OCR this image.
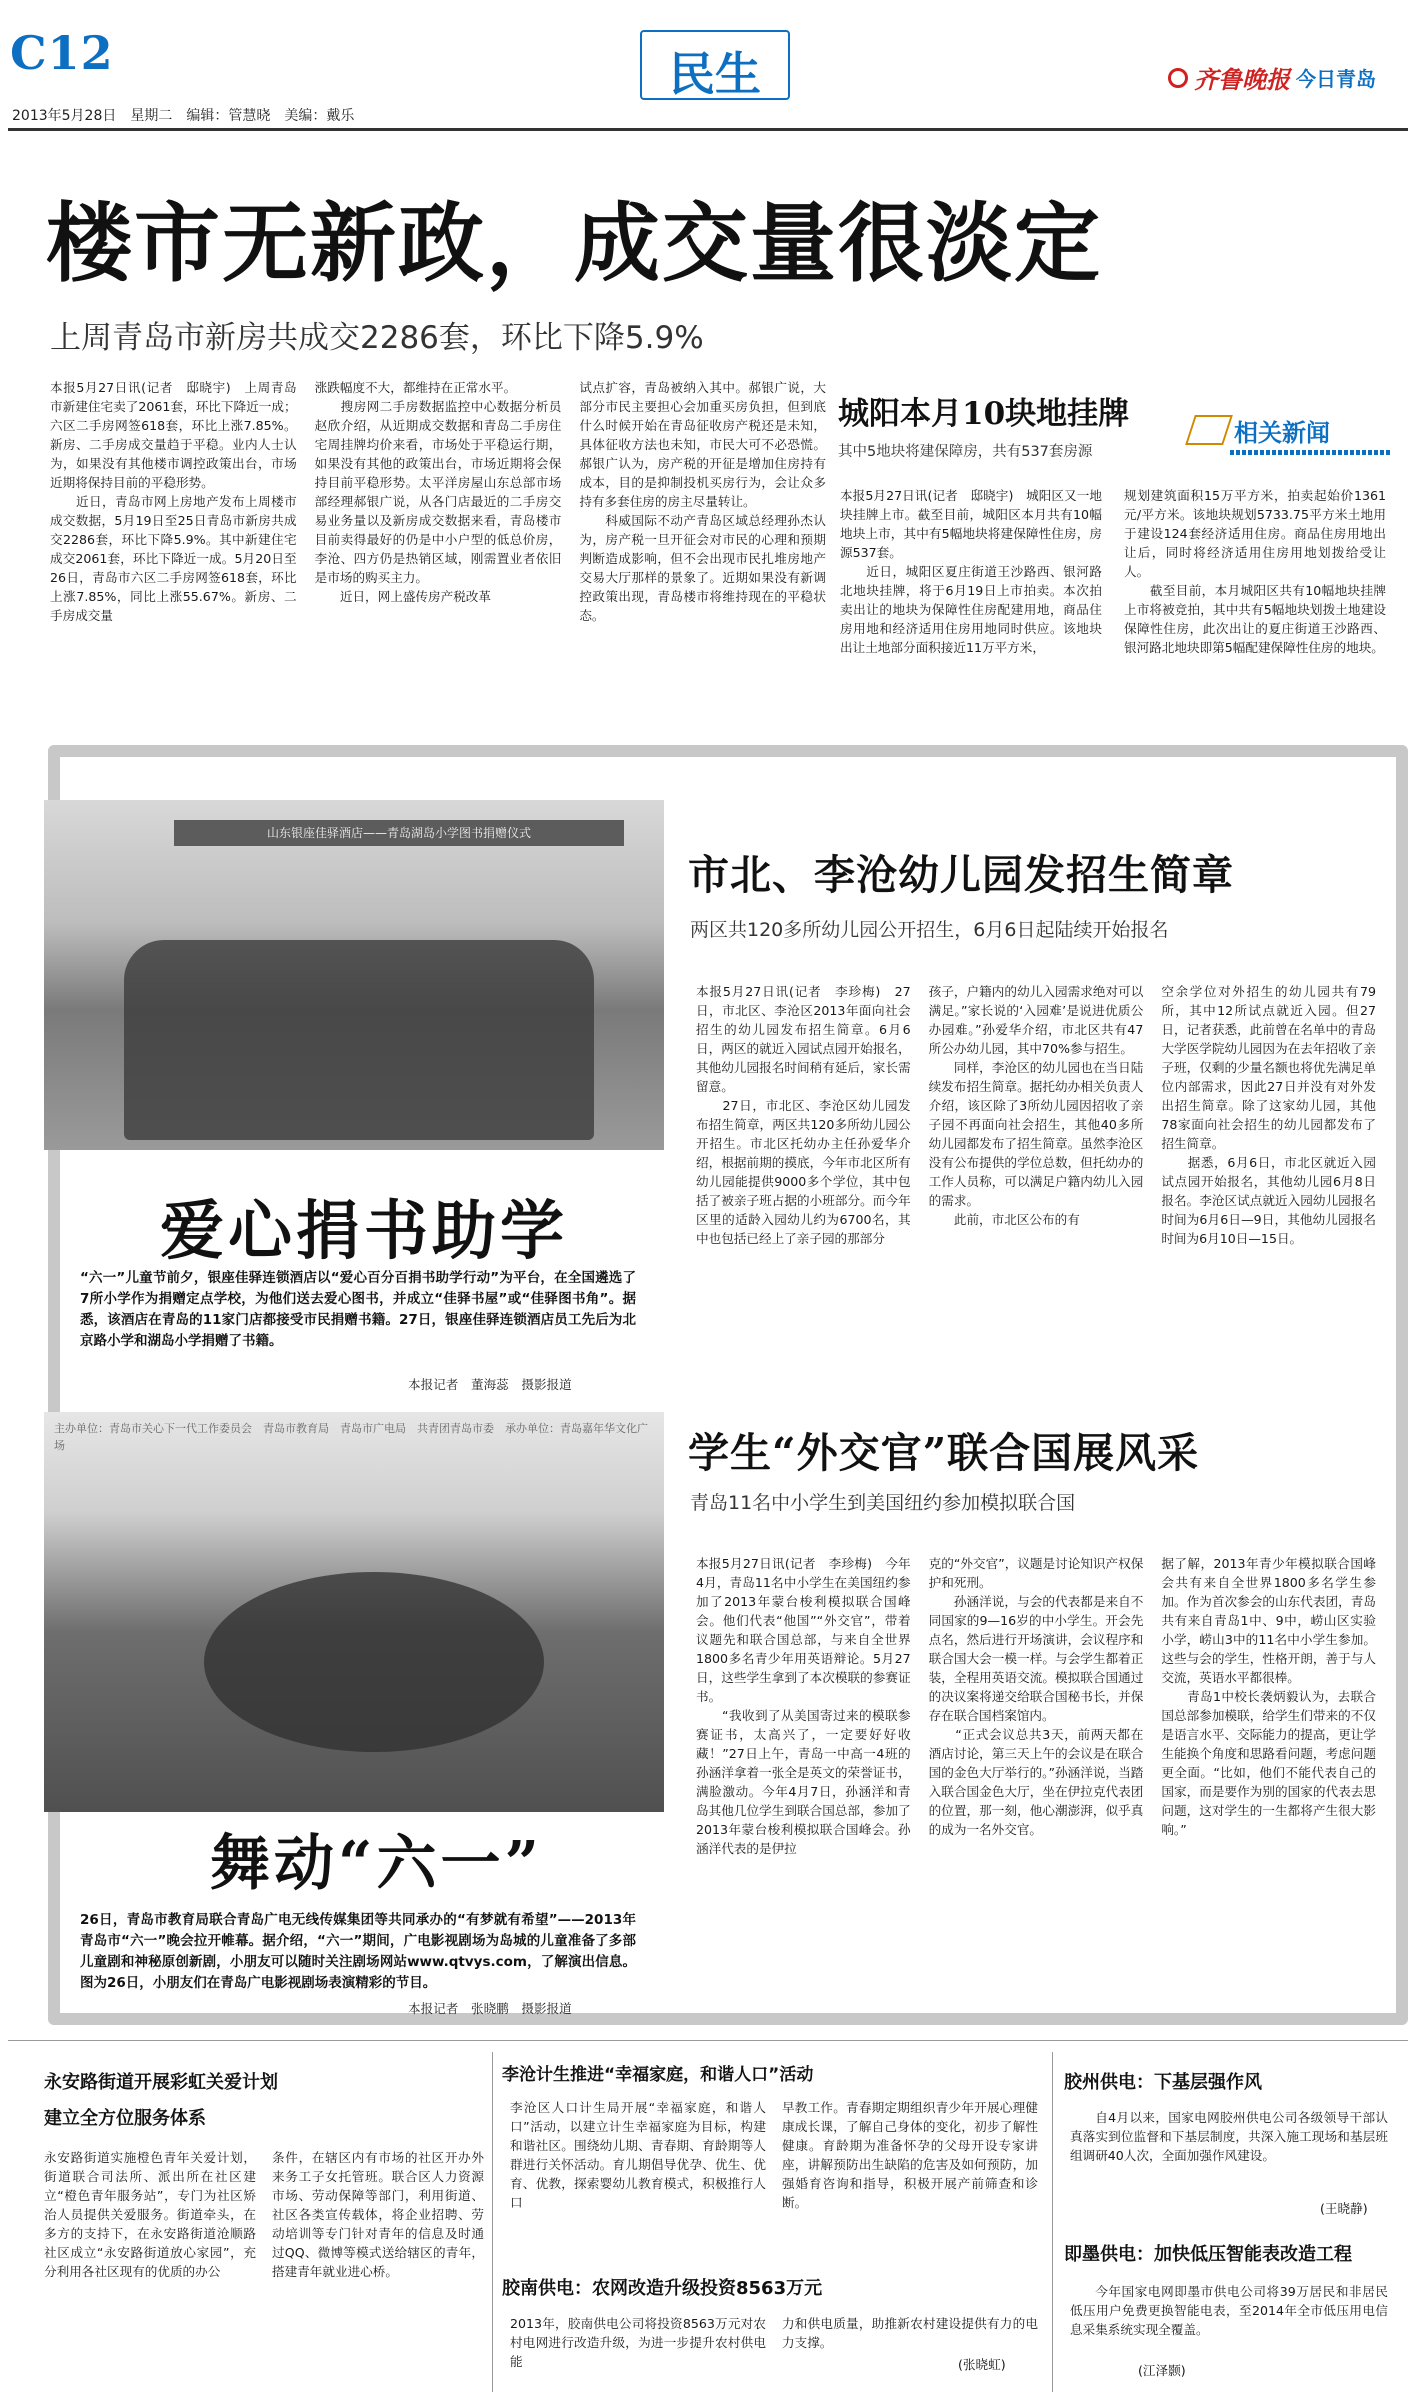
C12	民生
2013年5月28日　星期二　编辑：管慧晓　美编：戴乐
齐鲁晚报 今日青岛
楼市无新政，成交量很淡定
上周青岛市新房共成交2286套，环比下降5.9%
本报5月27日讯(记者　邸晓宇)　上周青岛市新建住宅卖了2061套，环比下降近一成；六区二手房网签618套，环比上涨7.85%。新房、二手房成交量趋于平稳。业内人士认为，如果没有其他楼市调控政策出台，市场近期将保持目前的平稳形势。
　　近日，青岛市网上房地产发布上周楼市成交数据，5月19日至25日青岛市新房共成交2286套，环比下降5.9%。其中新建住宅成交2061套，环比下降近一成。5月20日至26日，青岛市六区二手房网签618套，环比上涨7.85%，同比上涨55.67%。新房、二手房成交量
涨跌幅度不大，都维持在正常水平。
　　搜房网二手房数据监控中心数据分析员赵欣介绍，从近期成交数据和青岛二手房住宅周挂牌均价来看，市场处于平稳运行期，如果没有其他的政策出台，市场近期将会保持目前平稳形势。太平洋房屋山东总部市场部经理郝银广说，从各门店最近的二手房交易业务量以及新房成交数据来看，青岛楼市目前卖得最好的仍是中小户型的低总价房，李沧、四方仍是热销区域，刚需置业者依旧是市场的购买主力。
　　近日，网上盛传房产税改革
试点扩容，青岛被纳入其中。郝银广说，大部分市民主要担心会加重买房负担，但到底什么时候开始在青岛征收房产税还是未知，具体征收方法也未知，市民大可不必恐慌。郝银广认为，房产税的开征是增加住房持有成本，目的是抑制投机买房行为，会让众多持有多套住房的房主尽量转让。
　　科威国际不动产青岛区域总经理孙杰认为，房产税一旦开征会对市民的心理和预期判断造成影响，但不会出现市民扎堆房地产交易大厅那样的景象了。近期如果没有新调控政策出现，青岛楼市将维持现在的平稳状态。
城阳本月10块地挂牌
相关新闻
其中5地块将建保障房，共有537套房源
本报5月27日讯(记者　邸晓宇)　城阳区又一地块挂牌上市。截至目前，城阳区本月共有10幅地块上市，其中有5幅地块将建保障性住房，房源537套。
　　近日，城阳区夏庄街道王沙路西、银河路北地块挂牌，将于6月19日上市拍卖。本次拍卖出让的地块为保障性住房配建用地，商品住房用地和经济适用住房用地同时供应。该地块出让土地部分面积接近11万平方米，
规划建筑面积15万平方米，拍卖起始价1361元/平方米。该地块规划5733.75平方米土地用于建设124套经济适用住房。商品住房用地出让后，同时将经济适用住房用地划拨给受让人。
　　截至目前，本月城阳区共有10幅地块挂牌上市将被竞拍，其中共有5幅地块划拨土地建设保障性住房，此次出让的夏庄街道王沙路西、银河路北地块即第5幅配建保障性住房的地块。
山东银座佳驿酒店——青岛湖岛小学图书捐赠仪式
爱心捐书助学
“六一”儿童节前夕，银座佳驿连锁酒店以“爱心百分百捐书助学行动”为平台，在全国遴选了7所小学作为捐赠定点学校，为他们送去爱心图书，并成立“佳驿书屋”或“佳驿图书角”。据悉，该酒店在青岛的11家门店都接受市民捐赠书籍。27日，银座佳驿连锁酒店员工先后为北京路小学和湖岛小学捐赠了书籍。
本报记者　董海蕊　摄影报道
主办单位：青岛市关心下一代工作委员会　青岛市教育局　青岛市广电局　共青团青岛市委　承办单位：青岛嘉年华文化广场
舞动“六一”
26日，青岛市教育局联合青岛广电无线传媒集团等共同承办的“有梦就有希望”——2013年青岛市“六一”晚会拉开帷幕。据介绍，“六一”期间，广电影视剧场为岛城的儿童准备了多部儿童剧和神秘原创新剧，小朋友可以随时关注剧场网站www.qtvys.com，了解演出信息。图为26日，小朋友们在青岛广电影视剧场表演精彩的节目。
本报记者　张晓鹏　摄影报道
市北、李沧幼儿园发招生简章
两区共120多所幼儿园公开招生，6月6日起陆续开始报名
本报5月27日讯(记者　李珍梅)　27日，市北区、李沧区2013年面向社会招生的幼儿园发布招生简章。6月6日，两区的就近入园试点园开始报名，其他幼儿园报名时间稍有延后，家长需留意。
　　27日，市北区、李沧区幼儿园发布招生简章，两区共120多所幼儿园公开招生。市北区托幼办主任孙爱华介绍，根据前期的摸底，今年市北区所有幼儿园能提供9000多个学位，其中包括了被亲子班占据的小班部分。而今年区里的适龄入园幼儿约为6700名，其中也包括已经上了亲子园的那部分
孩子，户籍内的幼儿入园需求绝对可以满足。”家长说的‘入园难’是说进优质公办园难。”孙爱华介绍，市北区共有47所公办幼儿园，其中70%参与招生。
　　同样，李沧区的幼儿园也在当日陆续发布招生简章。据托幼办相关负责人介绍，该区除了3所幼儿园因招收了亲子园不再面向社会招生，其他40多所幼儿园都发布了招生简章。虽然李沧区没有公布提供的学位总数，但托幼办的工作人员称，可以满足户籍内幼儿入园的需求。
　　此前，市北区公布的有
空余学位对外招生的幼儿园共有79所，其中12所试点就近入园。但27日，记者获悉，此前曾在名单中的青岛大学医学院幼儿园因为在去年招收了亲子班，仅剩的少量名额也将优先满足单位内部需求，因此27日并没有对外发出招生简章。除了这家幼儿园，其他78家面向社会招生的幼儿园都发布了招生简章。
　　据悉，6月6日，市北区就近入园试点园开始报名，其他幼儿园6月8日报名。李沧区试点就近入园幼儿园报名时间为6月6日—9日，其他幼儿园报名时间为6月10日—15日。
学生“外交官”联合国展风采
青岛11名中小学生到美国纽约参加模拟联合国
本报5月27日讯(记者　李珍梅)　今年4月，青岛11名中小学生在美国纽约参加了2013年蒙台梭利模拟联合国峰会。他们代表“他国”“外交官”，带着议题先和联合国总部，与来自全世界1800多名青少年用英语辩论。5月27日，这些学生拿到了本次模联的参赛证书。
　　“我收到了从美国寄过来的模联参赛证书，太高兴了，一定要好好收藏！”27日上午，青岛一中高一4班的孙涵洋拿着一张全是英文的荣誉证书，满脸激动。今年4月7日，孙涵洋和青岛其他几位学生到联合国总部，参加了2013年蒙台梭利模拟联合国峰会。孙涵洋代表的是伊拉
克的“外交官”，议题是讨论知识产权保护和死刑。
　　孙涵洋说，与会的代表都是来自不同国家的9—16岁的中小学生。开会先点名，然后进行开场演讲，会议程序和联合国大会一模一样。与会学生都着正装，全程用英语交流。模拟联合国通过的决议案将递交给联合国秘书长，并保存在联合国档案馆内。
　　“正式会议总共3天，前两天都在酒店讨论，第三天上午的会议是在联合国的金色大厅举行的。”孙涵洋说，当踏入联合国金色大厅，坐在伊拉克代表团的位置，那一刻，他心潮澎湃，似乎真的成为一名外交官。
据了解，2013年青少年模拟联合国峰会共有来自全世界1800多名学生参加。作为首次参会的山东代表团，青岛共有来自青岛1中、9中，崂山区实验小学，崂山3中的11名中小学生参加。这些与会的学生，性格开朗，善于与人交流，英语水平都很棒。
　　青岛1中校长袭炳毅认为，去联合国总部参加模联，给学生们带来的不仅是语言水平、交际能力的提高，更让学生能换个角度和思路看问题，考虑问题更全面。“比如，他们不能代表自己的国家，而是要作为别的国家的代表去思问题，这对学生的一生都将产生很大影响。”
永安路街道开展彩虹关爱计划
建立全方位服务体系
永安路街道实施橙色青年关爱计划，街道联合司法所、派出所在社区建立“橙色青年服务站”，专门为社区矫治人员提供关爱服务。街道牵头，在多方的支持下，在永安路街道沧顺路社区成立“永安路街道放心家园”，充分利用各社区现有的优质的办公
条件，在辖区内有市场的社区开办外来务工子女托管班。联合区人力资源市场、劳动保障等部门，利用街道、社区各类宣传载体，将企业招聘、劳动培训等专门针对青年的信息及时通过QQ、微博等模式送给辖区的青年，搭建青年就业进心桥。
李沧计生推进“幸福家庭，和谐人口”活动
李沧区人口计生局开展“幸福家庭，和谐人口”活动，以建立计生幸福家庭为目标，构建和谐社区。围绕幼儿期、青春期、育龄期等人群进行关怀活动。育儿期倡导优孕、优生、优育、优教，探索婴幼儿教育模式，积极推行人口
早教工作。青春期定期组织青少年开展心理健康成长课，了解自己身体的变化，初步了解性健康。育龄期为准备怀孕的父母开设专家讲座，讲解预防出生缺陷的危害及如何预防，加强婚育咨询和指导，积极开展产前筛查和诊断。
胶南供电：农网改造升级投资8563万元
2013年，胶南供电公司将投资8563万元对农村电网进行改造升级，为进一步提升农村供电能
力和供电质量，助推新农村建设提供有力的电力支撑。
(张晓虹)
胶州供电：下基层强作风
自4月以来，国家电网胶州供电公司各级领导干部认真落实到位监督和下基层制度，共深入施工现场和基层班组调研40人次，全面加强作风建设。
(王晓静)
即墨供电：加快低压智能表改造工程
今年国家电网即墨市供电公司将39万居民和非居民低压用户免费更换智能电表，至2014年全市低压用电信息采集系统实现全覆盖。
(江泽颢)
